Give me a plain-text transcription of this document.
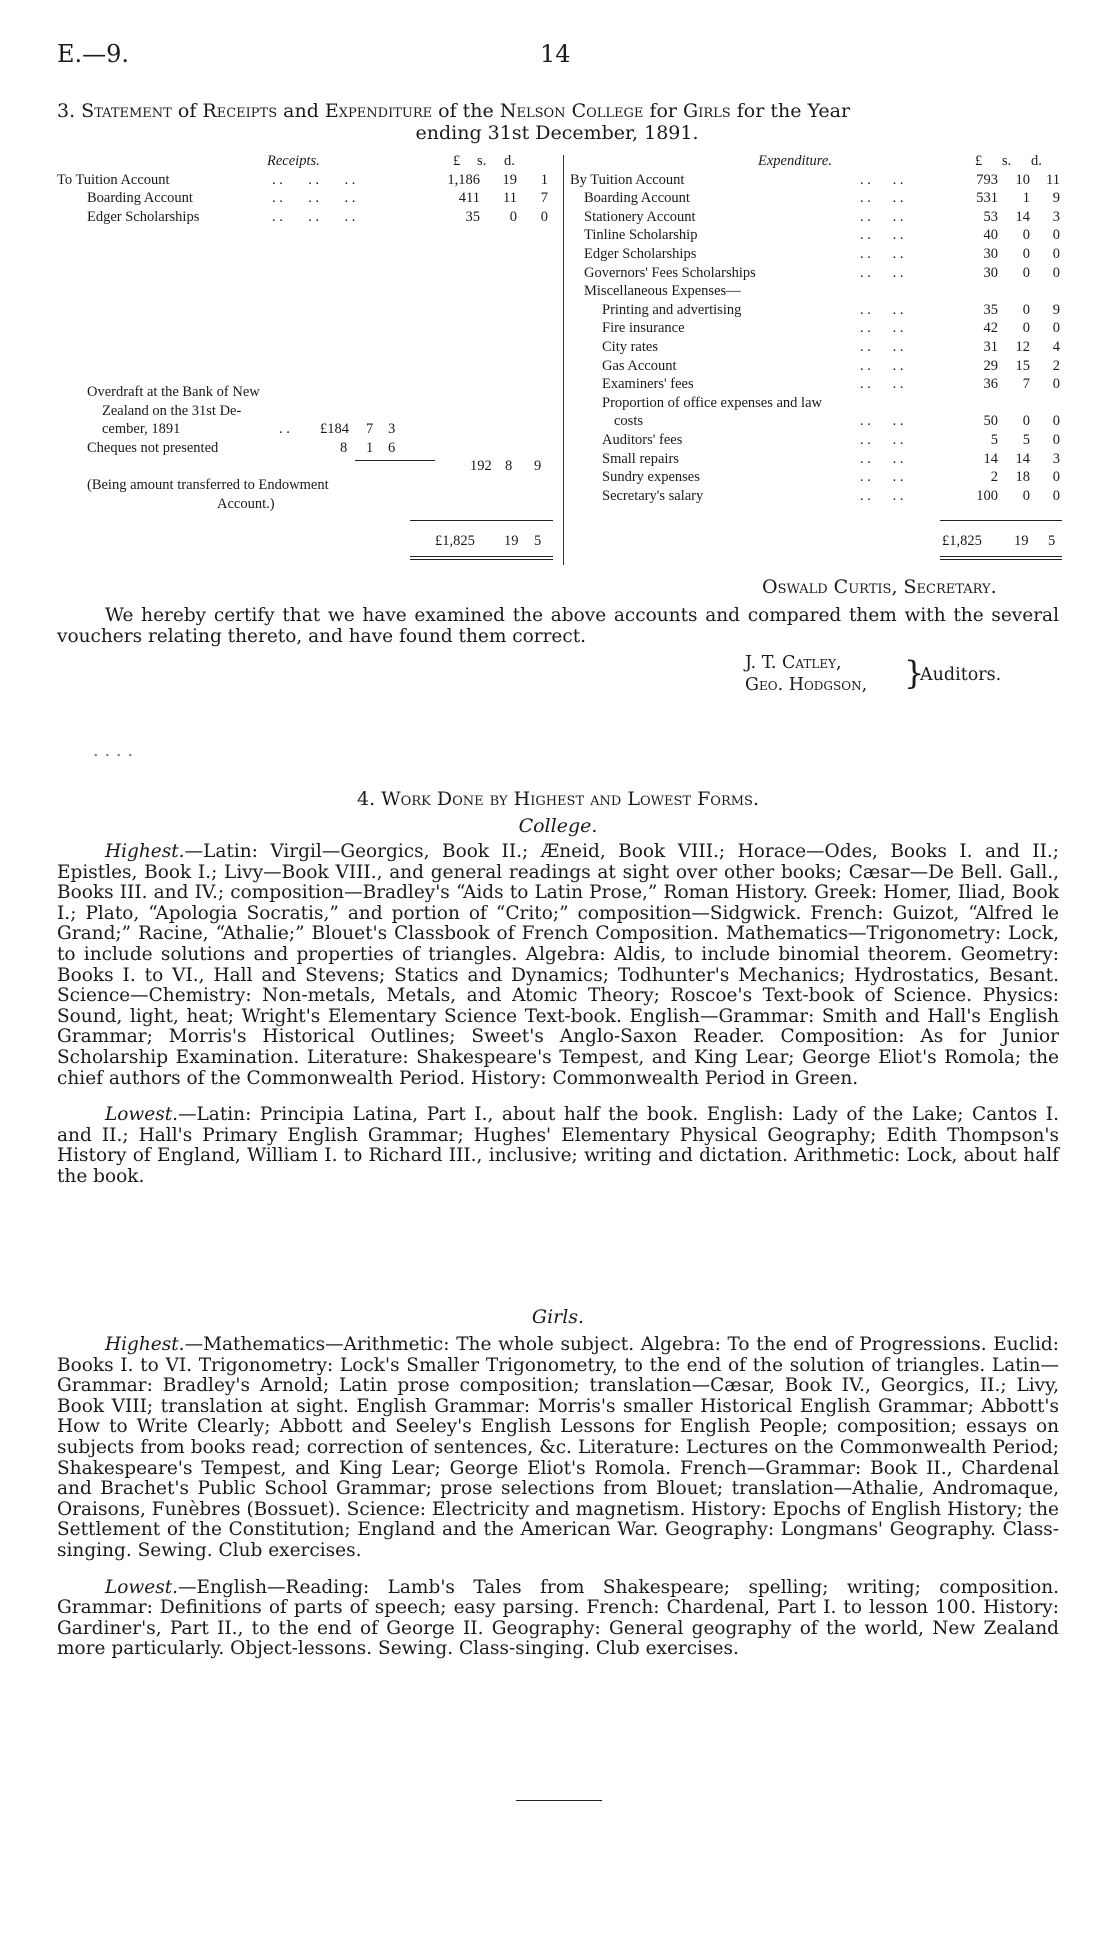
E.—9.	14
3. Statement of Receipts and Expenditure of the Nelson College for Girls for the Year
ending 31st December, 1891.
Receipts.	£ s. d.
To Tuition Account	. .       . .       . .	1,186	19	1
Boarding Account	. .       . .       . .	411	11	7
Edger Scholarships	. .       . .       . .	35	0	0
Overdraft at the Bank of New
Zealand on the 31st De-
cember, 1891	. . £184 7 3
Cheques not presented	8 1 6
192 8 9
(Being amount transferred to Endowment
Account.)
£1,825 19 5
Expenditure.	£ s. d.
By Tuition Account	. .      . .	793	10	11
Boarding Account	. .      . .	531	1	9
Stationery Account	. .      . .	53	14	3
Tinline Scholarship	. .      . .	40	0	0
Edger Scholarships	. .      . .	30	0	0
Governors' Fees Scholarships	. .      . .	30	0	0
Miscellaneous Expenses—
Printing and advertising	. .      . .	35	0	9
Fire insurance	. .      . .	42	0	0
City rates	. .      . .	31	12	4
Gas Account	. .      . .	29	15	2
Examiners' fees	. .      . .	36	7	0
Proportion of office expenses and law
costs	. .      . .	50	0	0
Auditors' fees	. .      . .	5	5	0
Small repairs	. .      . .	14	14	3
Sundry expenses	. .      . .	2	18	0
Secretary's salary	. .      . .	100	0	0
£1,825 19 5
Oswald Curtis, Secretary.

We hereby certify that we have examined the above accounts and compared them with the several vouchers relating thereto, and have found them correct.

J. T. Catley,
Geo. Hodgson, }
Auditors.
. . . .
4. Work Done by Highest and Lowest Forms.
College.

Highest.—Latin: Virgil—Georgics, Book II.; Æneid, Book VIII.; Horace—Odes, Books I. and II.; Epistles, Book I.; Livy—Book VIII., and general readings at sight over other books; Cæsar—De Bell. Gall., Books III. and IV.; composition—Bradley's “Aids to Latin Prose,” Roman History. Greek: Homer, Iliad, Book I.; Plato, “Apologia Socratis,” and portion of “Crito;” composition—Sidgwick. French: Guizot, “Alfred le Grand;” Racine, “Athalie;” Blouet's Classbook of French Composition. Mathematics—Trigonometry: Lock, to include solutions and properties of triangles. Algebra: Aldis, to include binomial theorem. Geometry: Books I. to VI., Hall and Stevens; Statics and Dynamics; Todhunter's Mechanics; Hydrostatics, Besant. Science—Chemistry: Non-metals, Metals, and Atomic Theory; Roscoe's Text-book of Science. Physics: Sound, light, heat; Wright's Elementary Science Text-book. English—Grammar: Smith and Hall's English Grammar; Morris's Historical Outlines; Sweet's Anglo-Saxon Reader. Composition: As for Junior Scholarship Examination. Literature: Shakespeare's Tempest, and King Lear; George Eliot's Romola; the chief authors of the Commonwealth Period. History: Commonwealth Period in Green.

Lowest.—Latin: Principia Latina, Part I., about half the book. English: Lady of the Lake; Cantos I. and II.; Hall's Primary English Grammar; Hughes' Elementary Physical Geography; Edith Thompson's History of England, William I. to Richard III., inclusive; writing and dictation. Arithmetic: Lock, about half the book.

Girls.

Highest.—Mathematics—Arithmetic: The whole subject. Algebra: To the end of Progressions. Euclid: Books I. to VI. Trigonometry: Lock's Smaller Trigonometry, to the end of the solution of triangles. Latin—Grammar: Bradley's Arnold; Latin prose composition; translation—Cæsar, Book IV., Georgics, II.; Livy, Book VIII; translation at sight. English Grammar: Morris's smaller Historical English Grammar; Abbott's How to Write Clearly; Abbott and Seeley's English Lessons for English People; composition; essays on subjects from books read; correction of sentences, &c. Literature: Lectures on the Commonwealth Period; Shakespeare's Tempest, and King Lear; George Eliot's Romola. French—Grammar: Book II., Chardenal and Brachet's Public School Grammar; prose selections from Blouet; translation—Athalie, Andromaque, Oraisons, Funèbres (Bossuet). Science: Electricity and magnetism. History: Epochs of English History; the Settlement of the Constitution; England and the American War. Geography: Longmans' Geography. Class-singing. Sewing. Club exercises.

Lowest.—English—Reading: Lamb's Tales from Shakespeare; spelling; writing; composition. Grammar: Definitions of parts of speech; easy parsing. French: Chardenal, Part I. to lesson 100. History: Gardiner's, Part II., to the end of George II. Geography: General geography of the world, New Zealand more particularly. Object-lessons. Sewing. Class-singing. Club exercises.
